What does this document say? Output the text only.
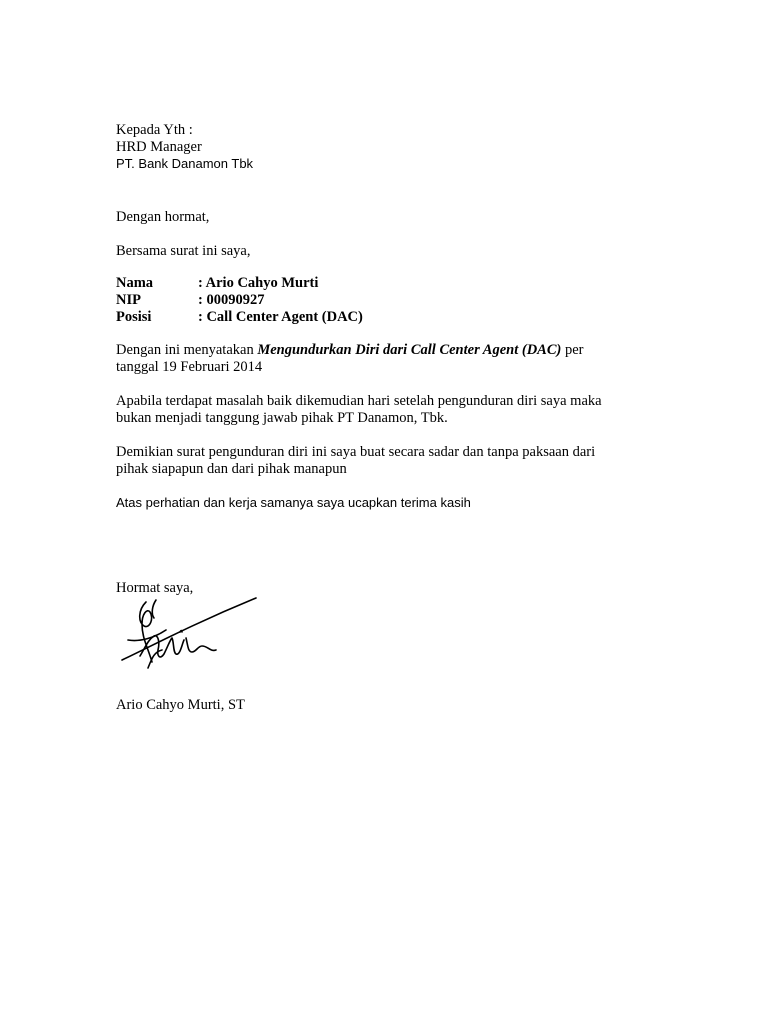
Kepada Yth :

HRD Manager

PT. Bank Danamon Tbk

Dengan hormat,

Bersama surat ini saya,

Nama	: Ario Cahyo Murti
NIP	: 00090927
Posisi	: Call Center Agent (DAC)

Dengan ini menyatakan Mengundurkan Diri dari Call Center Agent (DAC) per

tanggal 19 Februari 2014

Apabila terdapat masalah baik dikemudian hari setelah pengunduran diri saya maka

bukan menjadi tanggung jawab pihak PT Danamon, Tbk.

Demikian surat pengunduran diri ini saya buat secara sadar dan tanpa paksaan dari

pihak siapapun dan dari pihak manapun

Atas perhatian dan kerja samanya saya ucapkan terima kasih

Hormat saya,

Ario Cahyo Murti, ST
